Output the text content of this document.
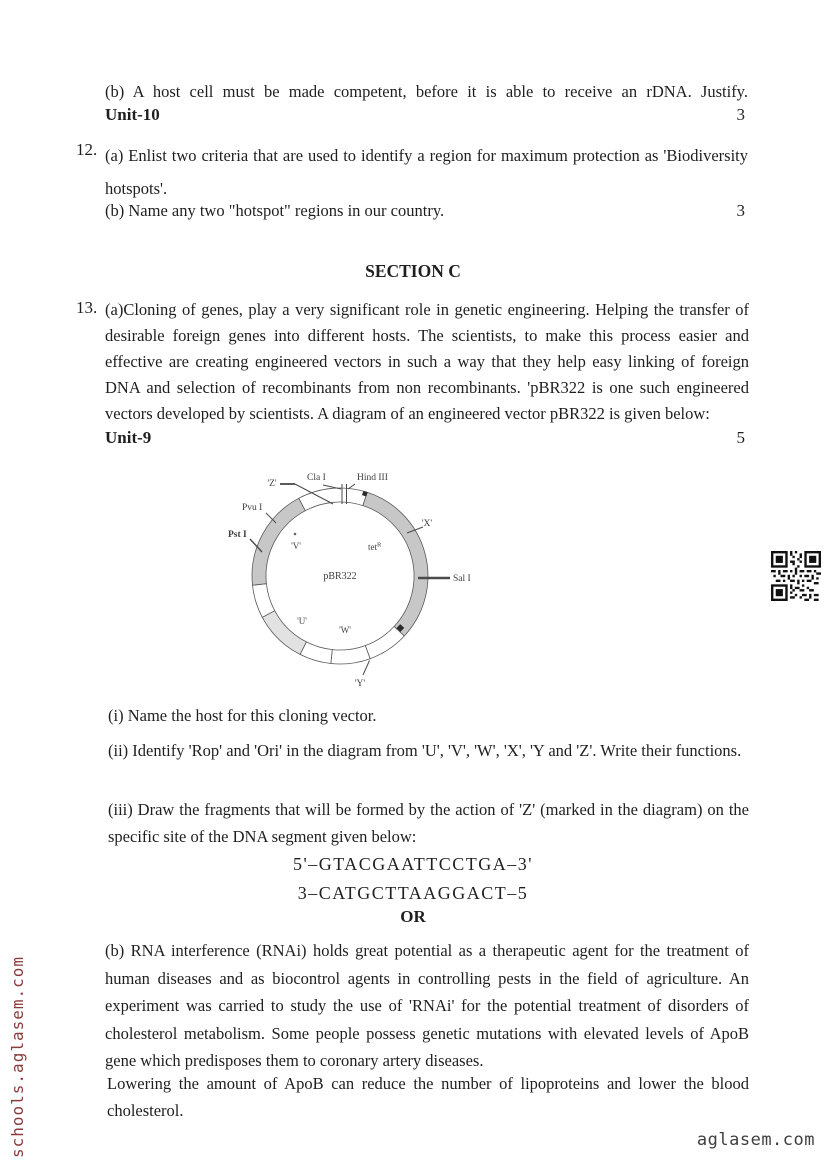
(b) A host cell must be made competent, before it is able to receive an rDNA. Justify.
Unit-10	3
12. (a) Enlist two criteria that are used to identify a region for maximum protection as 'Biodiversity hotspots'.
(b) Name any two "hotspot" regions in our country.	3
SECTION C
13. (a)Cloning of genes, play a very significant role in genetic engineering. Helping the transfer of desirable foreign genes into different hosts. The scientists, to make this process easier and effective are creating engineered vectors in such a way that they help easy linking of foreign DNA and selection of recombinants from non recombinants. 'pBR322 is one such engineered vectors developed by scientists. A diagram of an engineered vector pBR322 is given below:
Unit-9	5
'Z'
Cla I	Hind III
Pvu I
Pst I
'X'
Sal I
'V'	tet$^R$
pBR322
'U'
'W'
'Y'
(i) Name the host for this cloning vector.
(ii) Identify 'Rop' and 'Ori' in the diagram from 'U', 'V', 'W', 'X', 'Y and 'Z'. Write their functions.
(iii) Draw the fragments that will be formed by the action of 'Z' (marked in the diagram) on the specific site of the DNA segment given below:
5'–GTACGAATTCCTGA–3'
3–CATGCTTAAGGACT–5
OR
(b) RNA interference (RNAi) holds great potential as a therapeutic agent for the treatment of human diseases and as biocontrol agents in controlling pests in the field of agriculture. An experiment was carried to study the use of 'RNAi' for the potential treatment of disorders of cholesterol metabolism. Some people possess genetic mutations with elevated levels of ApoB gene which predisposes them to coronary artery diseases.
Lowering the amount of ApoB can reduce the number of lipoproteins and lower the blood cholesterol.
schools.aglasem.com	aglasem.com
